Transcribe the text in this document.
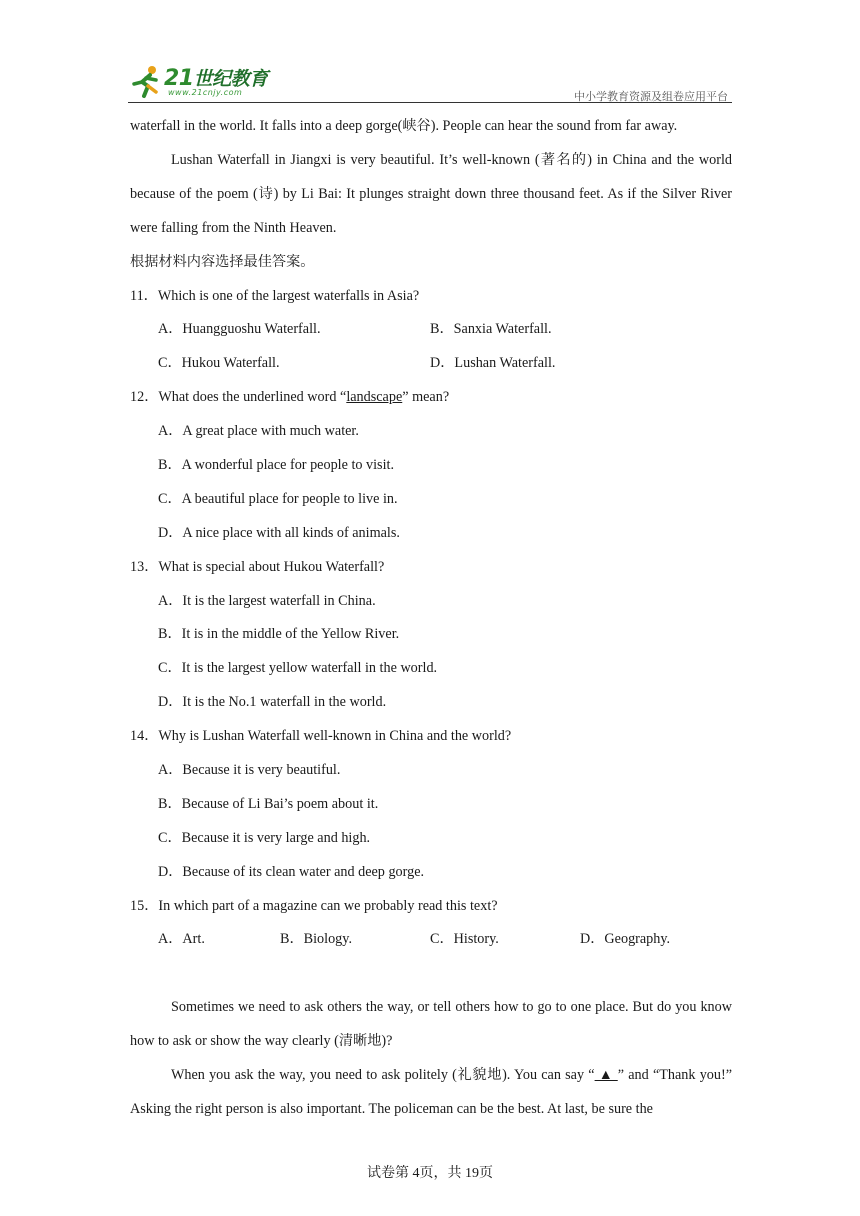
21世纪教育
www.21cnjy.com	中小学教育资源及组卷应用平台
waterfall in the world. It falls into a deep gorge(峡谷). People can hear the sound from far away.
Lushan Waterfall in Jiangxi is very beautiful. It’s well-known (著名的) in China and the world because of the poem (诗) by Li Bai: It plunges straight down three thousand feet. As if the Silver River were falling from the Ninth Heaven.
根据材料内容选择最佳答案。
11．Which is one of the largest waterfalls in Asia?
A．Huangguoshu Waterfall.	B．Sanxia Waterfall.
C．Hukou Waterfall.	D．Lushan Waterfall.
12．What does the underlined word “landscape” mean?
A．A great place with much water.
B．A wonderful place for people to visit.
C．A beautiful place for people to live in.
D．A nice place with all kinds of animals.
13．What is special about Hukou Waterfall?
A．It is the largest waterfall in China.
B．It is in the middle of the Yellow River.
C．It is the largest yellow waterfall in the world.
D．It is the No.1 waterfall in the world.
14．Why is Lushan Waterfall well-known in China and the world?
A．Because it is very beautiful.
B．Because of Li Bai’s poem about it.
C．Because it is very large and high.
D．Because of its clean water and deep gorge.
15．In which part of a magazine can we probably read this text?
A．Art.	B．Biology.	C．History.	D．Geography.
Sometimes we need to ask others the way, or tell others how to go to one place. But do you know how to ask or show the way clearly (清晰地)?
When you ask the way, you need to ask politely (礼貌地). You can say “ ▲ ” and “Thank you!” Asking the right person is also important. The policeman can be the best. At last, be sure the
试卷第 4页，共 19页
